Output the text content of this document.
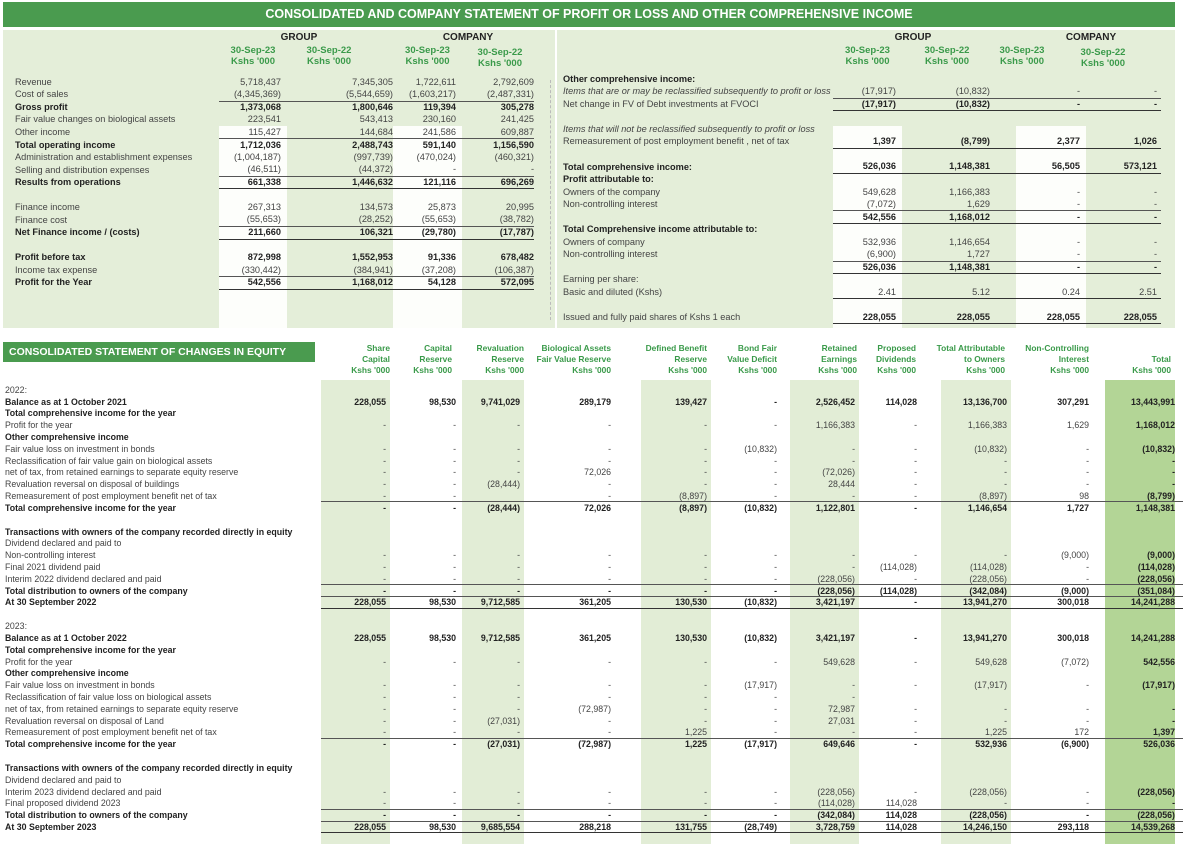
CONSOLIDATED AND COMPANY STATEMENT OF PROFIT OR LOSS AND OTHER COMPREHENSIVE INCOME
GROUP	COMPANY
30-Sep-23
Kshs '000
30-Sep-22
Kshs '000
30-Sep-23
Kshs '000
30-Sep-22
Kshs '000
Revenue	5,718,437	7,345,305	1,722,611	2,792,609	
Cost of sales	(4,345,369)	(5,544,659)	(1,603,217)	(2,487,331)	
Gross profit	1,373,068	1,800,646	119,394	305,278	
Fair value changes on biological assets	223,541	543,413	230,160	241,425	
Other income	115,427	144,684	241,586	609,887	
Total operating income	1,712,036	2,488,743	591,140	1,156,590	
Administration and establishment expenses	(1,004,187)	(997,739)	(470,024)	(460,321)	
Selling and distribution expenses	(46,511)	(44,372)	-	-	
Results from operations	661,338	1,446,632	121,116	696,269	

Finance income	267,313	134,573	25,873	20,995	
Finance cost	(55,653)	(28,252)	(55,653)	(38,782)	
Net Finance income / (costs)	211,660	106,321	(29,780)	(17,787)	

Profit before tax	872,998	1,552,953	91,336	678,482	
Income tax expense	(330,442)	(384,941)	(37,208)	(106,387)	
Profit for the Year	542,556	1,168,012	54,128	572,095	
GROUP	COMPANY
30-Sep-23
Kshs '000
30-Sep-22
Kshs '000
30-Sep-23
Kshs '000
30-Sep-22
Kshs '000
Other comprehensive income:					
Items that are or may be reclassified subsequently to profit or loss	(17,917)	(10,832)	-	-	
Net change in FV of Debt investments at FVOCI	(17,917)	(10,832)	-	-	

Items that will not be reclassified subsequently to profit or loss					
Remeasurement of post employment benefit , net of tax	1,397	(8,799)	2,377	1,026	

Total comprehensive income:	526,036	1,148,381	56,505	573,121	
Profit attributable to:					
Owners of the company	549,628	1,166,383	-	-	
Non-controlling interest	(7,072)	1,629	-	-	
	542,556	1,168,012	-	-	
Total Comprehensive income attributable to:					
Owners of company	532,936	1,146,654	-	-	
Non-controlling interest	(6,900)	1,727	-	-	
	526,036	1,148,381	-	-	
Earning per share:					
Basic and diluted (Kshs)	2.41	5.12	0.24	2.51	

Issued and fully paid shares of Kshs 1 each	228,055	228,055	228,055	228,055	
CONSOLIDATED STATEMENT OF CHANGES IN EQUITY	Share
Capital
Kshs '000
Capital
Reserve
Kshs '000
Revaluation
Reserve
Kshs '000
Biological Assets
Fair Value Reserve
Kshs '000
Defined Benefit
Reserve
Kshs '000
Bond Fair
Value Deficit
Kshs '000
Retained
Earnings
Kshs '000
Proposed
Dividends
Kshs '000
Total Attributable
to Owners
Kshs '000
Non-Controlling
Interest
Kshs '000
Total
Kshs '000
2022:											
Balance as at 1 October 2021	228,055	98,530	9,741,029	289,179	139,427	-	2,526,452	114,028	13,136,700	307,291	13,443,991
Total comprehensive income for the year											
Profit for the year	-	-	-	-	-	-	1,166,383	-	1,166,383	1,629	1,168,012
Other comprehensive income											
Fair value loss on investment in bonds	-	-	-	-	-	(10,832)	-	-	(10,832)	-	(10,832)
Reclassification of fair value gain on biological assets	-	-	-	-	-	-	-	-	-	-	-
net of tax, from retained earnings to separate equity reserve	-	-	-	72,026	-	-	(72,026)	-	-	-	-
Revaluation reversal on disposal of buildings	-	-	(28,444)	-	-	-	28,444	-	-	-	-
Remeasurement of post employment benefit net of tax	-	-		-	(8,897)	-	-	-	(8,897)	98	(8,799)
Total comprehensive income for the year	-	-	(28,444)	72,026	(8,897)	(10,832)	1,122,801	-	1,146,654	1,727	1,148,381

Transactions with owners of the company recorded directly in equity											
Dividend declared and paid to											
Non-controlling interest	-	-	-	-	-	-	-	-	-	(9,000)	(9,000)
Final 2021 dividend paid	-	-	-	-	-	-	-	(114,028)	(114,028)	-	(114,028)
Interim 2022 dividend declared and paid	-	-	-	-	-	-	(228,056)	-	(228,056)	-	(228,056)
Total distribution to owners of the company	-	-	-	-	-	-	(228,056)	(114,028)	(342,084)	(9,000)	(351,084)
At 30 September 2022	228,055	98,530	9,712,585	361,205	130,530	(10,832)	3,421,197	-	13,941,270	300,018	14,241,288

2023:											
Balance as at 1 October 2022	228,055	98,530	9,712,585	361,205	130,530	(10,832)	3,421,197	-	13,941,270	300,018	14,241,288
Total comprehensive income for the year											
Profit for the year	-	-	-	-	-	-	549,628	-	549,628	(7,072)	542,556
Other comprehensive income											
Fair value loss on investment in bonds	-	-	-	-	-	(17,917)	-	-	(17,917)	-	(17,917)
Reclassification of fair value loss on biological assets	-	-	-	-	-	-	-				
net of tax, from retained earnings to separate equity reserve	-	-	-	(72,987)	-	-	72,987	-	-	-	-
Revaluation reversal on disposal of Land	-	-	(27,031)	-	-	-	27,031	-	-	-	-
Remeasurement of post employment benefit net of tax	-	-	-	-	1,225	-	-	-	1,225	172	1,397
Total comprehensive income for the year	-	-	(27,031)	(72,987)	1,225	(17,917)	649,646	-	532,936	(6,900)	526,036

Transactions with owners of the company recorded directly in equity											
Dividend declared and paid to											
Interim 2023 dividend declared and paid	-	-	-	-	-	-	(228,056)	-	(228,056)	-	(228,056)
Final proposed dividend 2023	-	-	-	-	-	-	(114,028)	114,028	-	-	-
Total distribution to owners of the company	-	-	-	-	-	-	(342,084)	114,028	(228,056)	-	(228,056)
At 30 September 2023	228,055	98,530	9,685,554	288,218	131,755	(28,749)	3,728,759	114,028	14,246,150	293,118	14,539,268
